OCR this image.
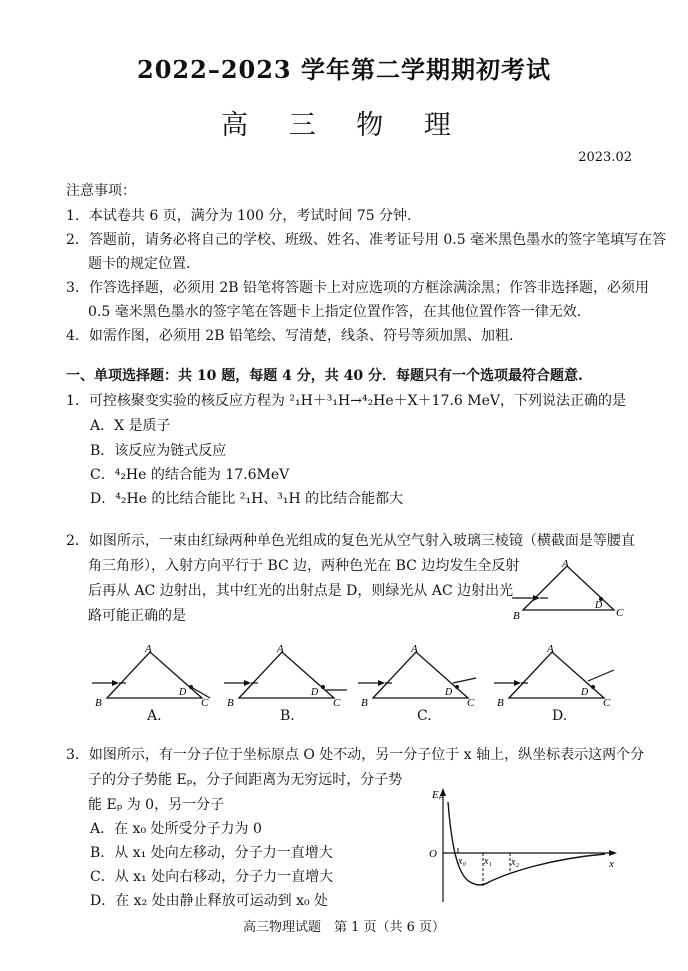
2022–2023 学年第二学期期初考试
高 三 物 理
2023.02
注意事项：
1．本试卷共 6 页，满分为 100 分，考试时间 75 分钟.
2．答题前，请务必将自己的学校、班级、姓名、准考证号用 0.5 毫米黑色墨水的签字笔填写在答
题卡的规定位置.
3．作答选择题，必须用 2B 铅笔将答题卡上对应选项的方框涂满涂黑；作答非选择题，必须用
0.5 毫米黑色墨水的签字笔在答题卡上指定位置作答，在其他位置作答一律无效.
4．如需作图，必须用 2B 铅笔绘、写清楚，线条、符号等须加黑、加粗.
一、单项选择题：共 10 题，每题 4 分，共 40 分．每题只有一个选项最符合题意.
1．可控核聚变实验的核反应方程为 ²₁H＋³₁H→⁴₂He＋X＋17.6 MeV，下列说法正确的是
A．X 是质子
B．该反应为链式反应
C．⁴₂He 的结合能为 17.6MeV
D．⁴₂He 的比结合能比 ²₁H、³₁H 的比结合能都大
2．如图所示，一束由红绿两种单色光组成的复色光从空气射入玻璃三棱镜（横截面是等腰直
角三角形），入射方向平行于 BC 边，两种色光在 BC 边均发生全反射
后再从 AC 边射出，其中红光的出射点是 D，则绿光从 AC 边射出光
路可能正确的是
A
B	C
D
A
B	C
D
A
B	C
D
A
B	C
D
A
B	C
D
A.	B.	C.	D.
3．如图所示，有一分子位于坐标原点 O 处不动，另一分子位于 x 轴上，纵坐标表示这两个分
子的分子势能 Eₚ，分子间距离为无穷远时，分子势
能 Eₚ 为 0，另一分子
A．在 x₀ 处所受分子力为 0
B．从 x₁ 处向左移动，分子力一直增大
C．从 x₁ 处向右移动，分子力一直增大
D．在 x₂ 处由静止释放可运动到 x₀ 处
Eₚ
O
x₀ x₁ x₂	x
高三物理试题　第 1 页（共 6 页）
